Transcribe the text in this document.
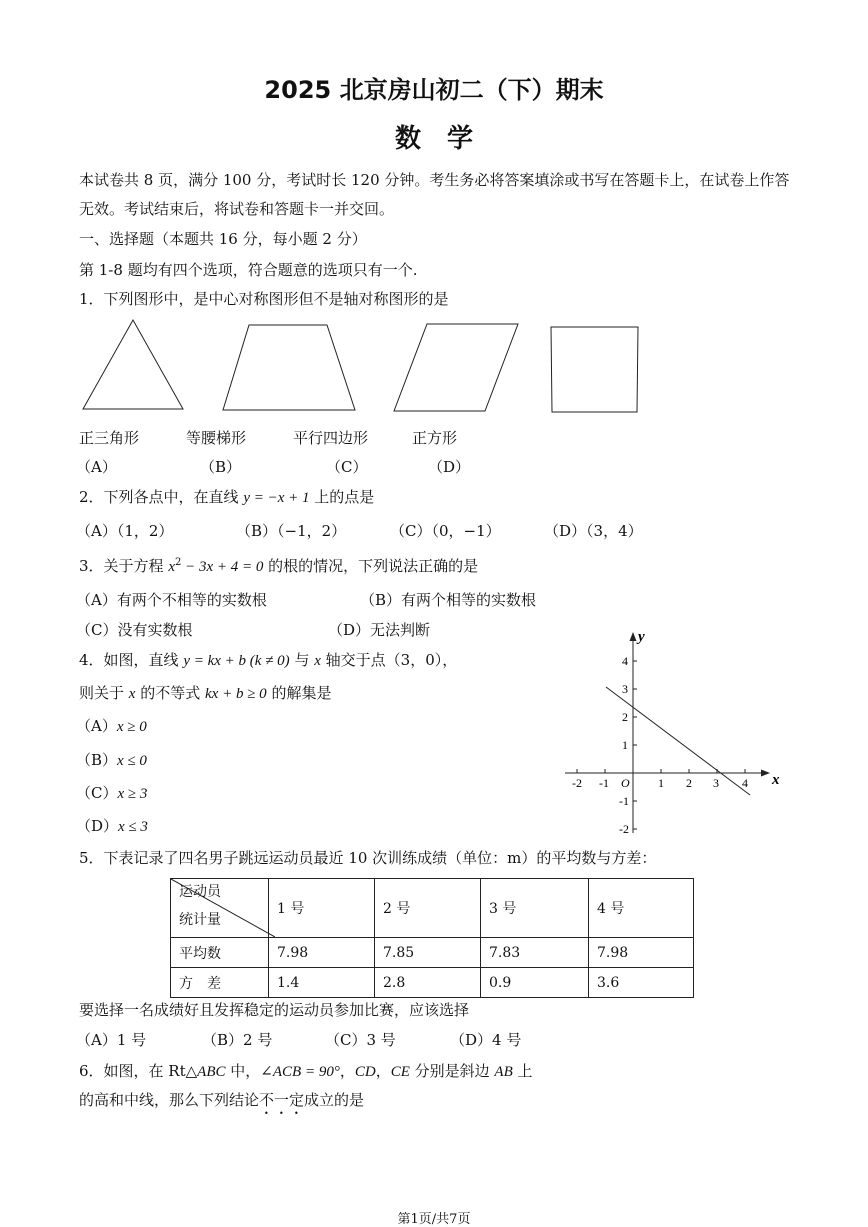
2025 北京房山初二（下）期末
数　学
本试卷共 8 页，满分 100 分，考试时长 120 分钟。考生务必将答案填涂或书写在答题卡上，在试卷上作答
无效。考试结束后，将试卷和答题卡一并交回。
一、选择题（本题共 16 分，每小题 2 分）
第 1-8 题均有四个选项，符合题意的选项只有一个.
1．下列图形中，是中心对称图形但不是轴对称图形的是
正三角形	等腰梯形	平行四边形	正方形
（A）	（B）	（C）	（D）
2．下列各点中，在直线 y = −x + 1 上的点是
（A）（1，2）	（B）（−1，2）	（C）（0，−1）	（D）（3，4）
3．关于方程 $x^2 - 3x + 4 = 0$ 的根的情况，下列说法正确的是
（A）有两个不相等的实数根	（B）有两个相等的实数根
（C）没有实数根	（D）无法判断
4．如图，直线 y = kx + b (k ≠ 0) 与 x 轴交于点（3，0），
则关于 x 的不等式 kx + b ≥ 0 的解集是
（A）x ≥ 0
（B）x ≤ 0
（C）x ≥ 3
（D）x ≤ 3
x
y
O
-2 -1	1 2 3 4
4
3
2
1
-1
-2
5．下表记录了四名男子跳远运动员最近 10 次训练成绩（单位：m）的平均数与方差：
运动员
统计量	1 号	2 号	3 号	4 号
平均数	7.98	7.85	7.83	7.98
方　差	1.4	2.8	0.9	3.6
要选择一名成绩好且发挥稳定的运动员参加比赛，应该选择
（A）1 号	（B）2 号	（C）3 号	（D）4 号
6．如图，在 Rt△ABC 中，∠ACB = 90°，CD，CE 分别是斜边 AB 上
的高和中线，那么下列结论不一定成立的是
第1页/共7页
